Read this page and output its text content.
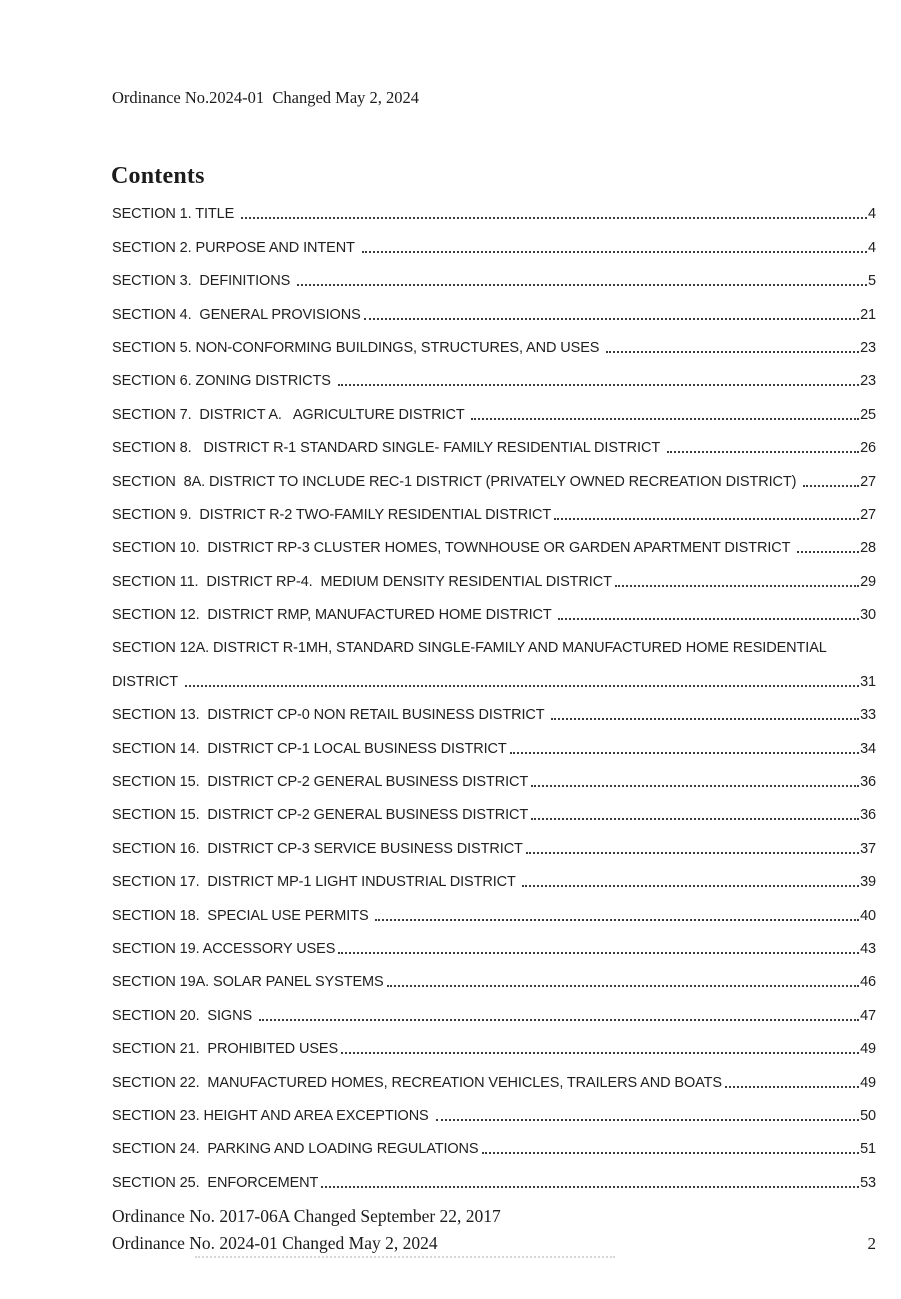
Ordinance No.2024-01  Changed May 2, 2024
Contents
SECTION 1. TITLE	4
SECTION 2. PURPOSE AND INTENT	4
SECTION 3.  DEFINITIONS	5
SECTION 4.  GENERAL PROVISIONS	21
SECTION 5. NON-CONFORMING BUILDINGS, STRUCTURES, AND USES	23
SECTION 6. ZONING DISTRICTS	23
SECTION 7.  DISTRICT A.   AGRICULTURE DISTRICT	25
SECTION 8.   DISTRICT R-1 STANDARD SINGLE- FAMILY RESIDENTIAL DISTRICT	26
SECTION  8A. DISTRICT TO INCLUDE REC-1 DISTRICT (PRIVATELY OWNED RECREATION DISTRICT)	27
SECTION 9.  DISTRICT R-2 TWO-FAMILY RESIDENTIAL DISTRICT	27
SECTION 10.  DISTRICT RP-3 CLUSTER HOMES, TOWNHOUSE OR GARDEN APARTMENT DISTRICT	28
SECTION 11.  DISTRICT RP-4.  MEDIUM DENSITY RESIDENTIAL DISTRICT	29
SECTION 12.  DISTRICT RMP, MANUFACTURED HOME DISTRICT	30
SECTION 12A. DISTRICT R-1MH, STANDARD SINGLE-FAMILY AND MANUFACTURED HOME RESIDENTIAL
DISTRICT	31
SECTION 13.  DISTRICT CP-0 NON RETAIL BUSINESS DISTRICT	33
SECTION 14.  DISTRICT CP-1 LOCAL BUSINESS DISTRICT	34
SECTION 15.  DISTRICT CP-2 GENERAL BUSINESS DISTRICT	36
SECTION 15.  DISTRICT CP-2 GENERAL BUSINESS DISTRICT	36
SECTION 16.  DISTRICT CP-3 SERVICE BUSINESS DISTRICT	37
SECTION 17.  DISTRICT MP-1 LIGHT INDUSTRIAL DISTRICT	39
SECTION 18.  SPECIAL USE PERMITS	40
SECTION 19. ACCESSORY USES	43
SECTION 19A. SOLAR PANEL SYSTEMS	46
SECTION 20.  SIGNS	47
SECTION 21.  PROHIBITED USES	49
SECTION 22.  MANUFACTURED HOMES, RECREATION VEHICLES, TRAILERS AND BOATS	49
SECTION 23. HEIGHT AND AREA EXCEPTIONS	50
SECTION 24.  PARKING AND LOADING REGULATIONS	51
SECTION 25.  ENFORCEMENT	53
Ordinance No. 2017-06A Changed September 22, 2017
Ordinance No. 2024-01 Changed May 2, 2024	2
